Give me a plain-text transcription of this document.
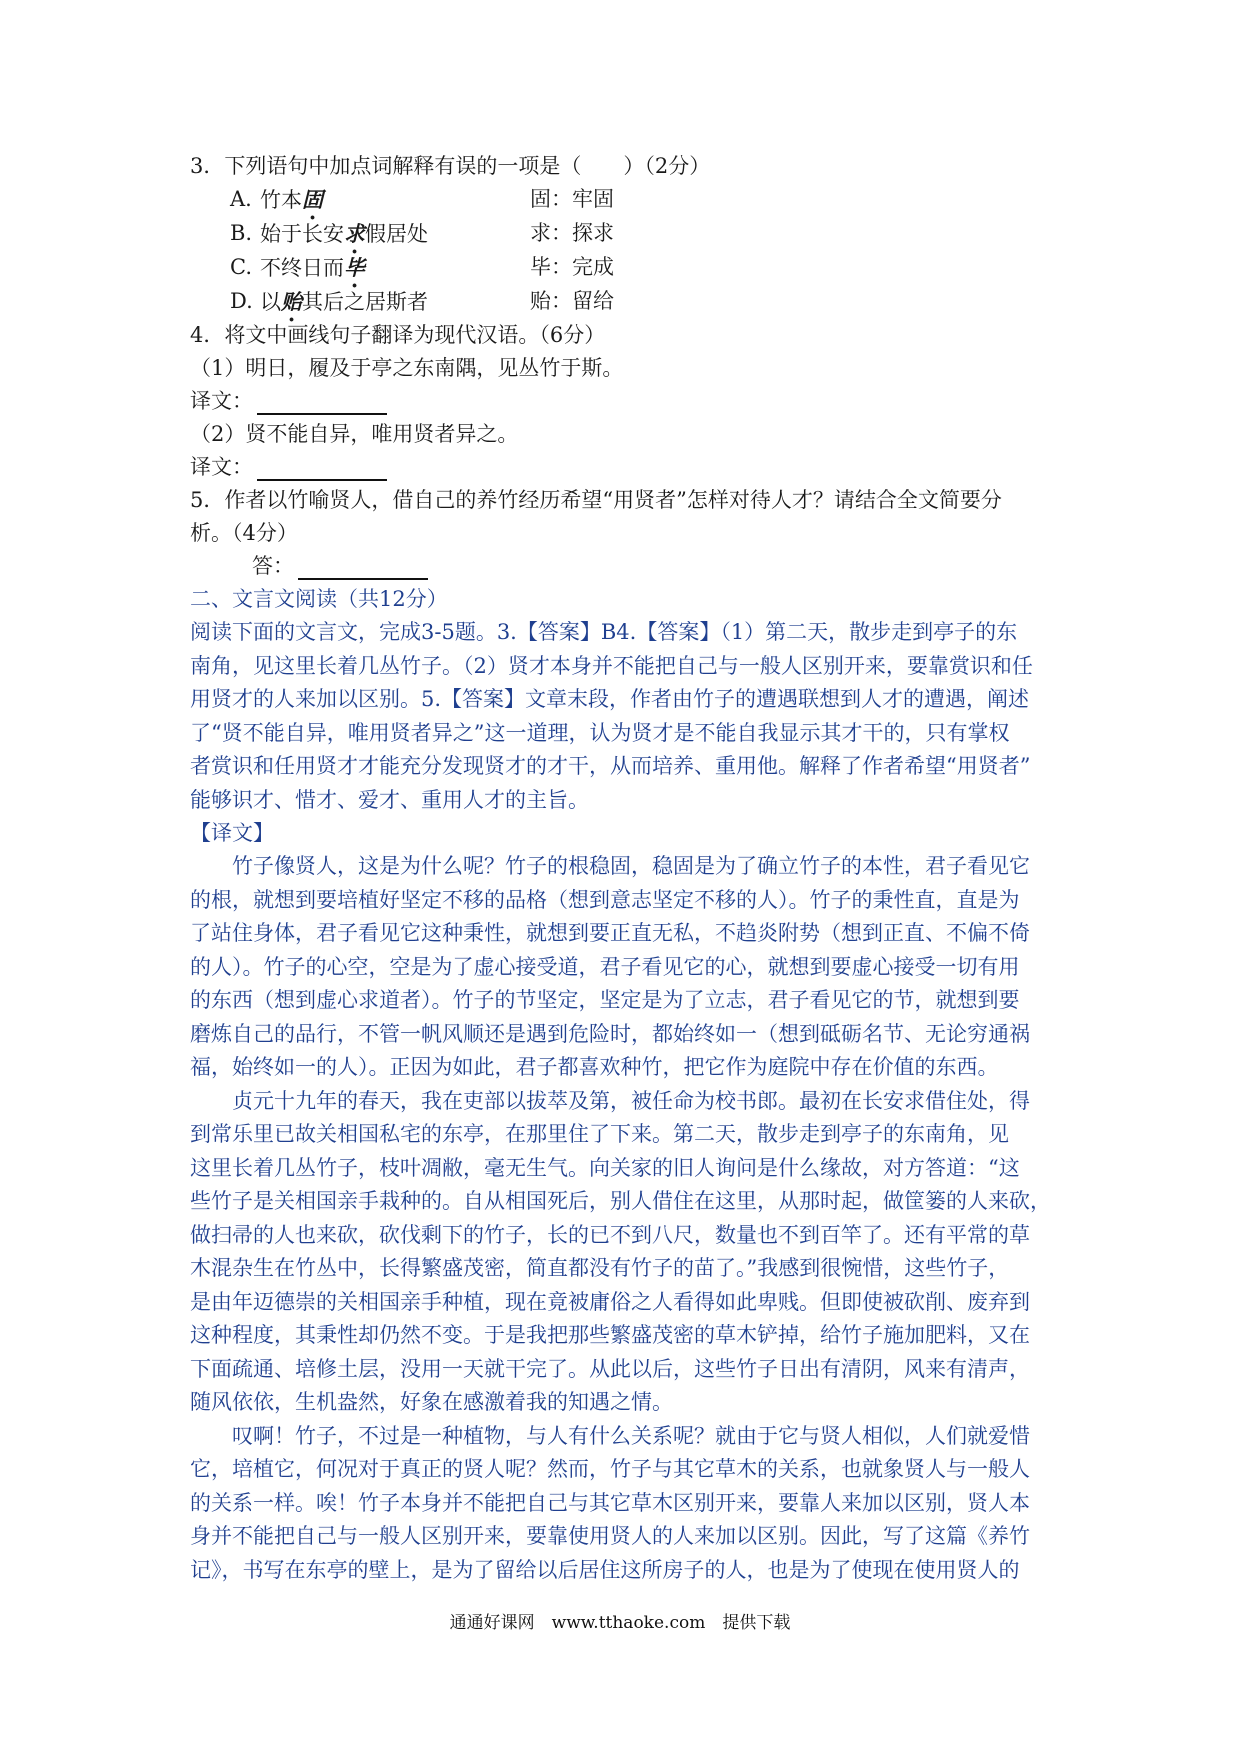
3．下列语句中加点词解释有误的一项是（　　）（2分）
A. 竹本固	固：牢固
B. 始于长安求假居处	求：探求
C. 不终日而毕	毕：完成
D. 以贻其后之居斯者	贻：留给
4．将文中画线句子翻译为现代汉语。（6分）
（1）明日，履及于亭之东南隅，见丛竹于斯。
译文：
（2）贤不能自异，唯用贤者异之。
译文：
5．作者以竹喻贤人，借自己的养竹经历希望“用贤者”怎样对待人才？请结合全文简要分
析。（4分）
答：
二、文言文阅读（共12分）
阅读下面的文言文，完成3-5题。3.【答案】B4.【答案】（1）第二天，散步走到亭子的东
南角，见这里长着几丛竹子。（2）贤才本身并不能把自己与一般人区别开来，要靠赏识和任
用贤才的人来加以区别。5.【答案】文章末段，作者由竹子的遭遇联想到人才的遭遇，阐述
了“贤不能自异，唯用贤者异之”这一道理，认为贤才是不能自我显示其才干的，只有掌权
者赏识和任用贤才才能充分发现贤才的才干，从而培养、重用他。解释了作者希望“用贤者”
能够识才、惜才、爱才、重用人才的主旨。
【译文】
竹子像贤人，这是为什么呢？竹子的根稳固，稳固是为了确立竹子的本性，君子看见它
的根，就想到要培植好坚定不移的品格（想到意志坚定不移的人）。竹子的秉性直，直是为
了站住身体，君子看见它这种秉性，就想到要正直无私，不趋炎附势（想到正直、不偏不倚
的人）。竹子的心空，空是为了虚心接受道，君子看见它的心，就想到要虚心接受一切有用
的东西（想到虚心求道者）。竹子的节坚定，坚定是为了立志，君子看见它的节，就想到要
磨炼自己的品行，不管一帆风顺还是遇到危险时，都始终如一（想到砥砺名节、无论穷通祸
福，始终如一的人）。正因为如此，君子都喜欢种竹，把它作为庭院中存在价值的东西。
贞元十九年的春天，我在吏部以拔萃及第，被任命为校书郎。最初在长安求借住处，得
到常乐里已故关相国私宅的东亭，在那里住了下来。第二天，散步走到亭子的东南角，见
这里长着几丛竹子，枝叶凋敝，毫无生气。向关家的旧人询问是什么缘故，对方答道：“这
些竹子是关相国亲手栽种的。自从相国死后，别人借住在这里，从那时起，做筐篓的人来砍，
做扫帚的人也来砍，砍伐剩下的竹子，长的已不到八尺，数量也不到百竿了。还有平常的草
木混杂生在竹丛中，长得繁盛茂密，简直都没有竹子的苗了。”我感到很惋惜，这些竹子，
是由年迈德崇的关相国亲手种植，现在竟被庸俗之人看得如此卑贱。但即使被砍削、废弃到
这种程度，其秉性却仍然不变。于是我把那些繁盛茂密的草木铲掉，给竹子施加肥料，又在
下面疏通、培修土层，没用一天就干完了。从此以后，这些竹子日出有清阴，风来有清声，
随风依依，生机盎然，好象在感激着我的知遇之情。
叹啊！竹子，不过是一种植物，与人有什么关系呢？就由于它与贤人相似，人们就爱惜
它，培植它，何况对于真正的贤人呢？然而，竹子与其它草木的关系，也就象贤人与一般人
的关系一样。唉！竹子本身并不能把自己与其它草木区别开来，要靠人来加以区别，贤人本
身并不能把自己与一般人区别开来，要靠使用贤人的人来加以区别。因此，写了这篇《养竹
记》，书写在东亭的壁上，是为了留给以后居住这所房子的人，也是为了使现在使用贤人的
通通好课网　www.tthaoke.com　提供下载
